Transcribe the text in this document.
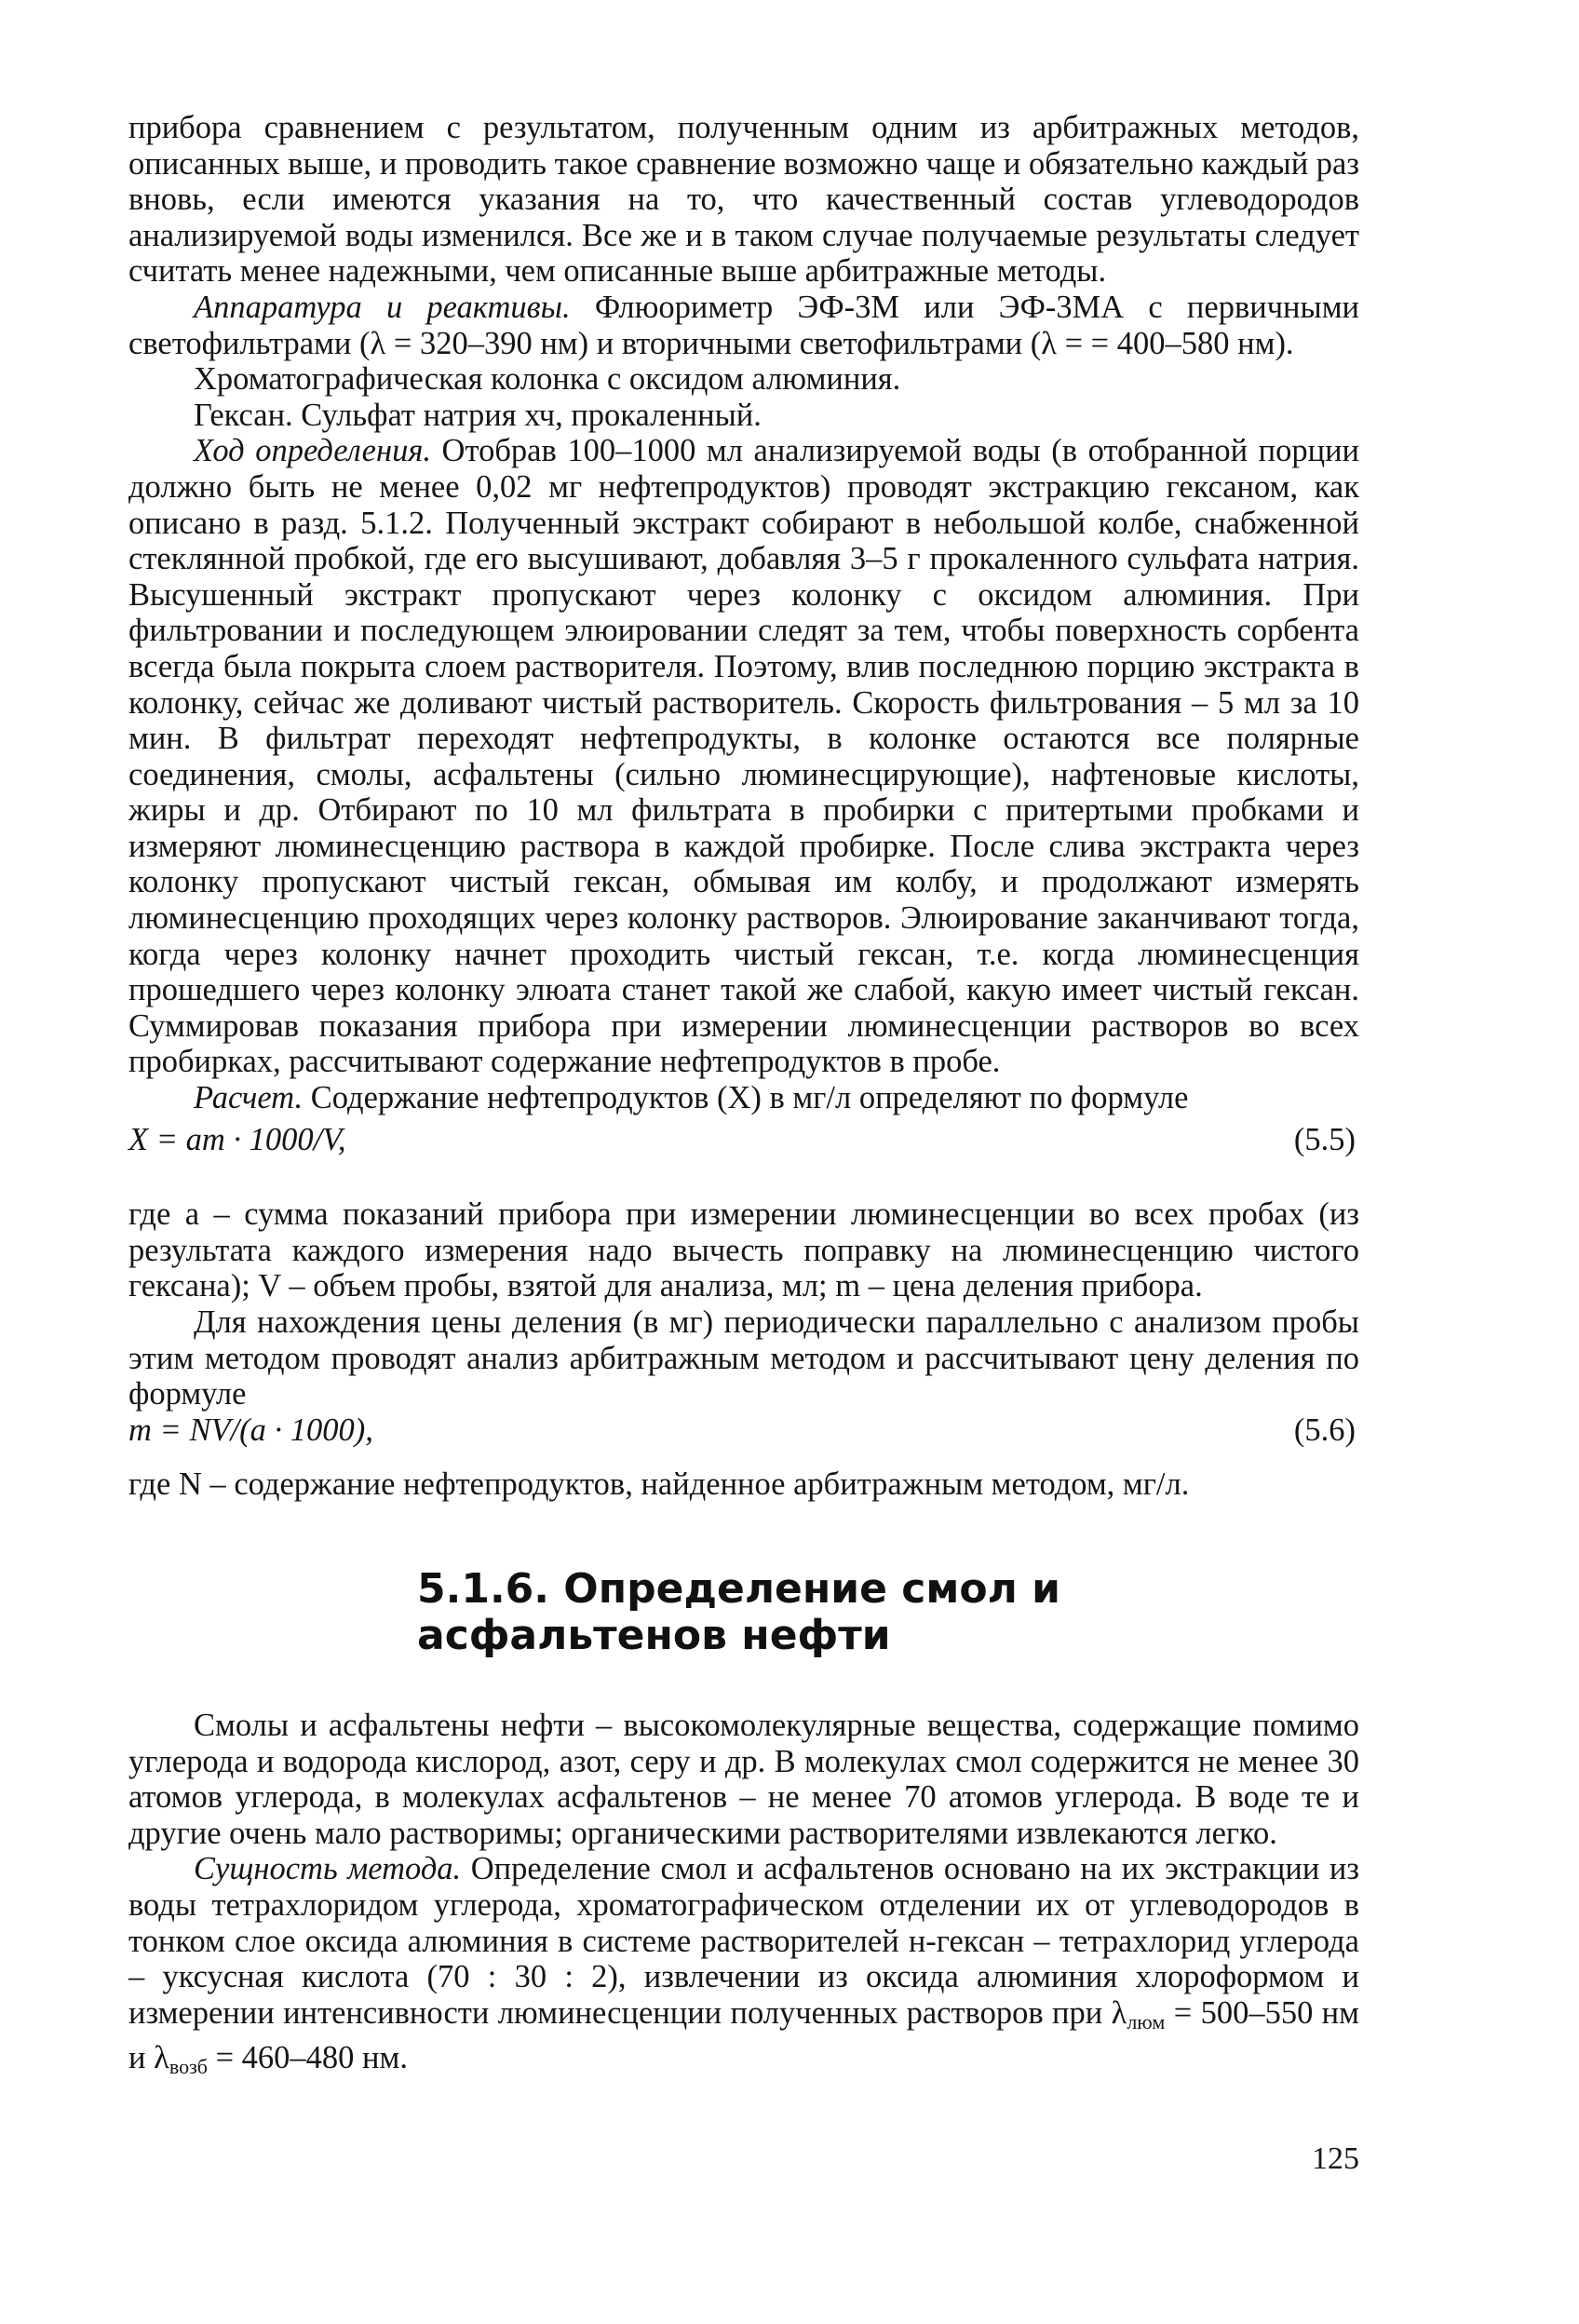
прибора сравнением с результатом, полученным одним из арбитражных методов, описанных выше, и проводить такое сравнение возможно чаще и обязательно каждый раз вновь, если имеются указания на то, что качественный состав углеводородов анализируемой воды изменился. Все же и в таком случае получаемые результаты следует считать менее надежными, чем описанные выше арбитражные методы.

Аппаратура и реактивы. Флюориметр ЭФ-3М или ЭФ-3МА с первичными светофильтрами (λ = 320–390 нм) и вторичными светофильтрами (λ = = 400–580 нм).

Хроматографическая колонка с оксидом алюминия.

Гексан. Сульфат натрия хч, прокаленный.

Ход определения. Отобрав 100–1000 мл анализируемой воды (в отобранной порции должно быть не менее 0,02 мг нефтепродуктов) проводят экстракцию гексаном, как описано в разд. 5.1.2. Полученный экстракт собирают в небольшой колбе, снабженной стеклянной пробкой, где его высушивают, добавляя 3–5 г прокаленного сульфата натрия. Высушенный экстракт пропускают через колонку с оксидом алюминия. При фильтровании и последующем элюировании следят за тем, чтобы поверхность сорбента всегда была покрыта слоем растворителя. Поэтому, влив последнюю порцию экстракта в колонку, сейчас же доливают чистый растворитель. Скорость фильтрования – 5 мл за 10 мин. В фильтрат переходят нефтепродукты, в колонке остаются все полярные соединения, смолы, асфальтены (сильно люминесцирующие), нафтеновые кислоты, жиры и др. Отбирают по 10 мл фильтрата в пробирки с притертыми пробками и измеряют люминесценцию раствора в каждой пробирке. После слива экстракта через колонку пропускают чистый гексан, обмывая им колбу, и продолжают измерять люминесценцию проходящих через колонку растворов. Элюирование заканчивают тогда, когда через колонку начнет проходить чистый гексан, т.е. когда люминесценция прошедшего через колонку элюата станет такой же слабой, какую имеет чистый гексан. Суммировав показания прибора при измерении люминесценции растворов во всех пробирках, рассчитывают содержание нефтепродуктов в пробе.

Расчет. Содержание нефтепродуктов (X) в мг/л определяют по формуле

X = am · 1000/V,	(5.5)

где a – сумма показаний прибора при измерении люминесценции во всех пробах (из результата каждого измерения надо вычесть поправку на люминесценцию чистого гексана); V – объем пробы, взятой для анализа, мл; m – цена деления прибора.

Для нахождения цены деления (в мг) периодически параллельно с анализом пробы этим методом проводят анализ арбитражным методом и рассчитывают цену деления по формуле

m = NV/(a · 1000),	(5.6)

где N – содержание нефтепродуктов, найденное арбитражным методом, мг/л.

5.1.6. Определение смол и асфальтенов нефти

Смолы и асфальтены нефти – высокомолекулярные вещества, содержащие помимо углерода и водорода кислород, азот, серу и др. В молекулах смол содержится не менее 30 атомов углерода, в молекулах асфальтенов – не менее 70 атомов углерода. В воде те и другие очень мало растворимы; органическими растворителями извлекаются легко.

Сущность метода. Определение смол и асфальтенов основано на их экстракции из воды тетрахлоридом углерода, хроматографическом отделении их от углеводородов в тонком слое оксида алюминия в системе растворителей н-гексан – тетрахлорид углерода – уксусная кислота (70 : 30 : 2), извлечении из оксида алюминия хлороформом и измерении интенсивности люминесценции полученных растворов при $\lambda_{люм} = 500-550$ нм и $\lambda_{возб} = 460-480$ нм.

125
